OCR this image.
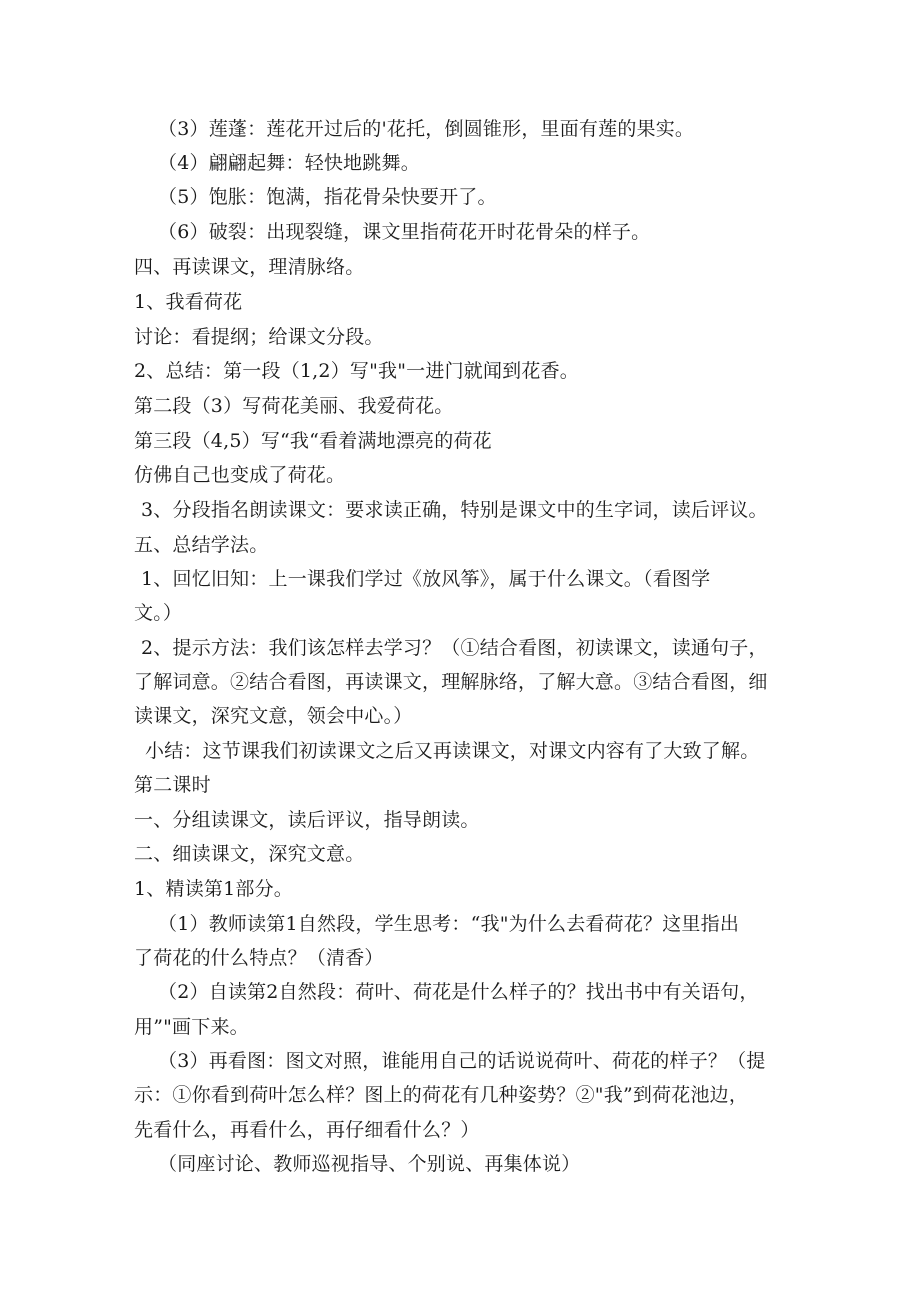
（3）莲蓬：莲花开过后的'花托，倒圆锥形，里面有莲的果实。
（4）翩翩起舞：轻快地跳舞。
（5）饱胀：饱满，指花骨朵快要开了。
（6）破裂：出现裂缝，课文里指荷花开时花骨朵的样子。
四、再读课文，理清脉络。
1、我看荷花
讨论：看提纲；给课文分段。
2、总结：第一段（1,2）写"我"一进门就闻到花香。
第二段（3）写荷花美丽、我爱荷花。
第三段（4,5）写“我“看着满地漂亮的荷花
仿佛自己也变成了荷花。
3、分段指名朗读课文：要求读正确，特别是课文中的生字词，读后评议。
五、总结学法。
1、回忆旧知：上一课我们学过《放风筝》，属于什么课文。（看图学
文。）
2、提示方法：我们该怎样去学习？（①结合看图，初读课文，读通句子，
了解词意。②结合看图，再读课文，理解脉络，了解大意。③结合看图，细
读课文，深究文意，领会中心。）
小结：这节课我们初读课文之后又再读课文，对课文内容有了大致了解。
第二课时
一、分组读课文，读后评议，指导朗读。
二、细读课文，深究文意。
1、精读第1部分。
（1）教师读第1自然段，学生思考：“我"为什么去看荷花？这里指出
了荷花的什么特点？（清香）
（2）自读第2自然段：荷叶、荷花是什么样子的？找出书中有关语句，
用”"画下来。
（3）再看图：图文对照，谁能用自己的话说说荷叶、荷花的样子？（提
示：①你看到荷叶怎么样？图上的荷花有几种姿势？②"我”到荷花池边，
先看什么，再看什么，再仔细看什么？）
（同座讨论、教师巡视指导、个别说、再集体说）
